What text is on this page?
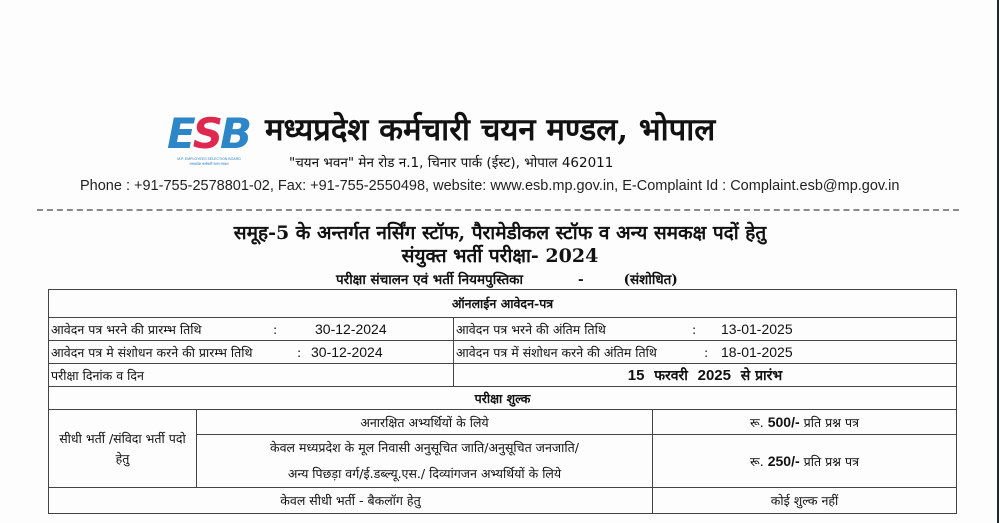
E S B
M.P. EMPLOYEES SELECTION BOARD
मध्यप्रदेश कर्मचारी चयन मण्डल
मध्यप्रदेश कर्मचारी चयन मण्डल, भोपाल
"चयन भवन" मेन रोड न.1, चिनार पार्क (ईस्ट), भोपाल 462011
Phone : +91-755-2578801-02, Fax: +91-755-2550498, website: www.esb.mp.gov.in, E-Complaint Id : Complaint.esb@mp.gov.in
समूह-5 के अन्तर्गत नर्सिंग स्टॉफ, पैरामेडीकल स्टॉफ व अन्य समकक्ष पदों हेतु
संयुक्त भर्ती परीक्षा- 2024
परीक्षा संचालन एवं भर्ती नियमपुस्तिका	-	(संशोधित)
ऑनलाईन आवेदन-पत्र			
आवेदन पत्र भरने की प्रारम्भ तिथि : 30-12-2024		आवेदन पत्र भरने की अंतिम तिथि : 13-01-2025	
आवेदन पत्र मे संशोधन करने की प्रारम्भ तिथि : 30-12-2024		आवेदन पत्र में संशोधन करने की अंतिम तिथि : 18-01-2025	
परीक्षा दिनांक व दिन		15 फरवरी 2025 से प्रारंभ	
परीक्षा शुल्क			
सीधी भर्ती /संविदा भर्ती पदो हेतु	अनारक्षित अभ्यर्थियों के लिये		रू. 500/- प्रति प्रश्न पत्र

	केवल मध्यप्रदेश के मूल निवासी अनुसूचित जाति/अनुसूचित जनजाति/
अन्य पिछड़ा वर्ग/ई.डब्ल्यू.एस./ दिव्यांगजन अभ्यर्थियों के लिये		रू. 250/- प्रति प्रश्न पत्र
केवल सीधी भर्ती - बैकलॉग हेतु			कोई शुल्क नहीं
